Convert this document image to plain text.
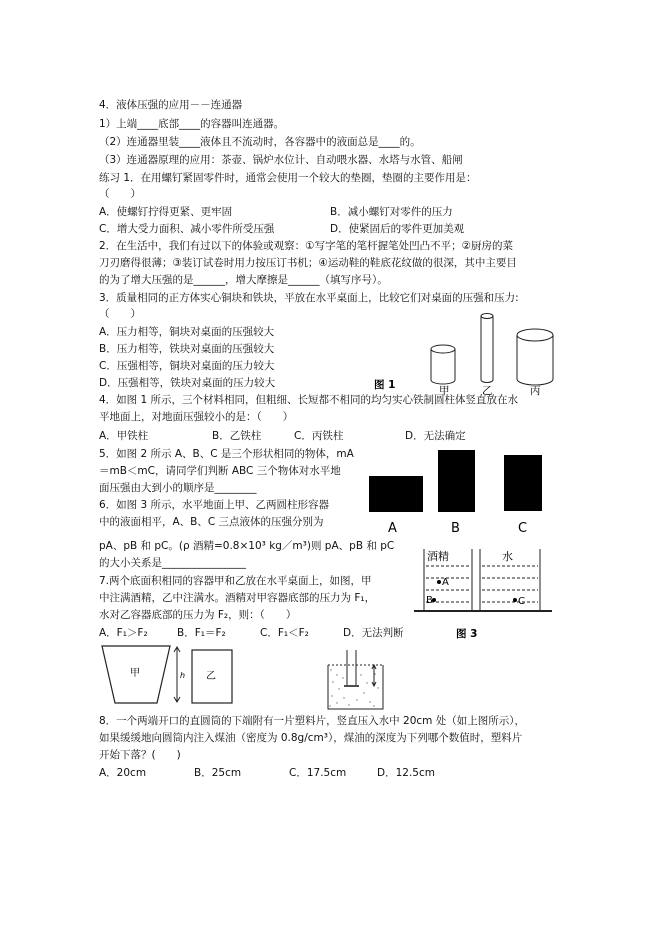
4．液体压强的应用－－连通器
1）上端____底部____的容器叫连通器。
（2）连通器里装____液体且不流动时，各容器中的液面总是____的。
（3）连通器原理的应用：茶壶、锅炉水位计、自动喂水器、水塔与水管、船闸
练习 1．在用螺钉紧固零件时，通常会使用一个较大的垫圈，垫圈的主要作用是：
（　　）
A．使螺钉拧得更紧、更牢固	B．减小螺钉对零件的压力
C．增大受力面积、减小零件所受压强	D．使紧固后的零件更加美观
2．在生活中，我们有过以下的体验或观察：①写字笔的笔杆握笔处凹凸不平；②厨房的菜
刀刃磨得很薄；③装订试卷时用力按压订书机；④运动鞋的鞋底花纹做的很深，其中主要目
的为了增大压强的是______，增大摩擦是______（填写序号）。
3．质量相同的正方体实心铜块和铁块，平放在水平桌面上，比较它们对桌面的压强和压力:
（　　）
A．压力相等，铜块对桌面的压强较大
B．压力相等，铁块对桌面的压强较大
C．压强相等，铜块对桌面的压力较大
D．压强相等，铁块对桌面的压力较大	图 1	甲	乙	丙
4．如图 1 所示，三个材料相同，但粗细、长短都不相同的均匀实心铁制圆柱体竖直放在水
平地面上，对地面压强较小的是：（　　）
A．甲铁柱	B．乙铁柱	C．丙铁柱	D．无法确定
5．如图 2 所示 A、B、C 是三个形状相同的物体，mA
＝mB＜mC，请同学们判断 ABC 三个物体对水平地
面压强由大到小的顺序是________
A	B	C
6．如图 3 所示，水平地面上甲、乙两圆柱形容器
中的液面相平，A、B、C 三点液体的压强分别为
pA、pB 和 pC。(ρ 酒精=0.8×10³ kg／m³)则 pA、pB 和 pC
的大小关系是________________	酒精	水
A
B	C
图 3
7.两个底面积相同的容器甲和乙放在水平桌面上，如图，甲
中注满酒精，乙中注满水。酒精对甲容器底部的压力为 F₁，
水对乙容器底部的压力为 F₂，则：（　　）
A．F₁＞F₂	B．F₁＝F₂	C．F₁＜F₂	D．无法判断
甲	h 乙
8．一个两端开口的直圆筒的下端附有一片塑料片，竖直压入水中 20cm 处（如上图所示），
如果缓缓地向圆筒内注入煤油（密度为 0.8g/cm³），煤油的深度为下列哪个数值时，塑料片
开始下落？(　　)
A．20cm	B．25cm	C．17.5cm	D．12.5cm
